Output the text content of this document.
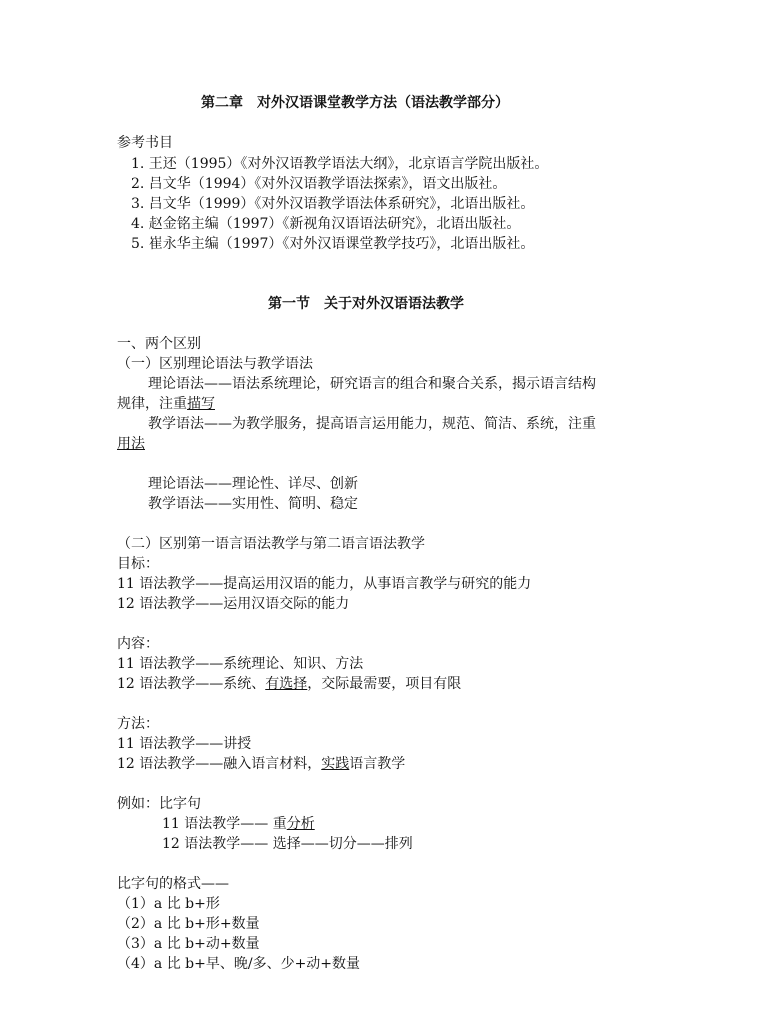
第二章　对外汉语课堂教学方法（语法教学部分）
参考书目
1. 王还（1995）《对外汉语教学语法大纲》，北京语言学院出版社。
2. 吕文华（1994）《对外汉语教学语法探索》，语文出版社。
3. 吕文华（1999）《对外汉语教学语法体系研究》，北语出版社。
4. 赵金铭主编（1997）《新视角汉语语法研究》，北语出版社。
5. 崔永华主编（1997）《对外汉语课堂教学技巧》，北语出版社。
第一节　关于对外汉语语法教学
一、两个区别
（一）区别理论语法与教学语法
理论语法——语法系统理论，研究语言的组合和聚合关系，揭示语言结构
规律，注重描写
教学语法——为教学服务，提高语言运用能力，规范、简洁、系统，注重
用法
理论语法——理论性、详尽、创新
教学语法——实用性、简明、稳定
（二）区别第一语言语法教学与第二语言语法教学
目标：
11 语法教学——提高运用汉语的能力，从事语言教学与研究的能力
12 语法教学——运用汉语交际的能力
内容：
11 语法教学——系统理论、知识、方法
12 语法教学——系统、有选择，交际最需要，项目有限
方法：
11 语法教学——讲授
12 语法教学——融入语言材料，实践语言教学
例如：比字句
11 语法教学—— 重分析
12 语法教学—— 选择——切分——排列
比字句的格式——
（1）a 比 b+形
（2）a 比 b+形+数量
（3）a 比 b+动+数量
（4）a 比 b+早、晚/多、少+动+数量
